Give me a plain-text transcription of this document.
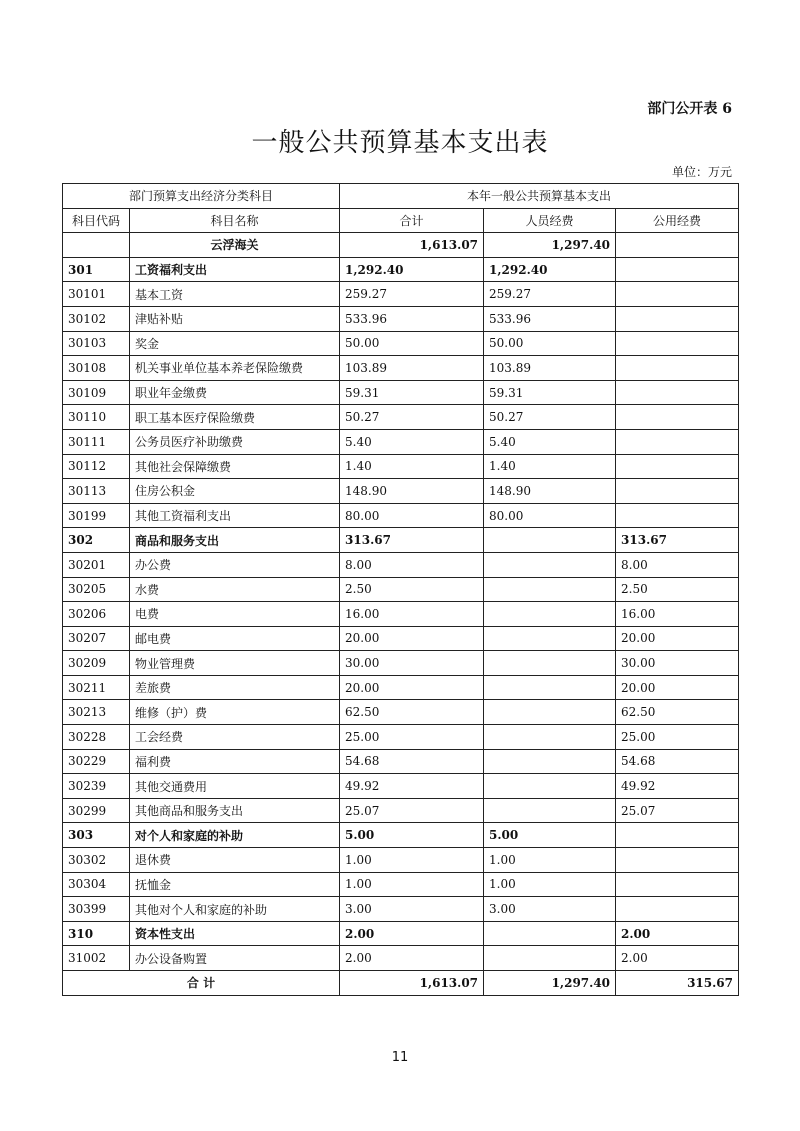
部门公开表 6
一般公共预算基本支出表
单位：万元
部门预算支出经济分类科目		本年一般公共预算基本支出		
科目代码	科目名称	合计	人员经费	公用经费
	云浮海关	1,613.07	1,297.40	
301	工资福利支出	1,292.40	1,292.40	
30101	基本工资	259.27	259.27	
30102	津贴补贴	533.96	533.96	
30103	奖金	50.00	50.00	
30108	机关事业单位基本养老保险缴费	103.89	103.89	
30109	职业年金缴费	59.31	59.31	
30110	职工基本医疗保险缴费	50.27	50.27	
30111	公务员医疗补助缴费	5.40	5.40	
30112	其他社会保障缴费	1.40	1.40	
30113	住房公积金	148.90	148.90	
30199	其他工资福利支出	80.00	80.00	
302	商品和服务支出	313.67		313.67
30201	办公费	8.00		8.00
30205	水费	2.50		2.50
30206	电费	16.00		16.00
30207	邮电费	20.00		20.00
30209	物业管理费	30.00		30.00
30211	差旅费	20.00		20.00
30213	维修（护）费	62.50		62.50
30228	工会经费	25.00		25.00
30229	福利费	54.68		54.68
30239	其他交通费用	49.92		49.92
30299	其他商品和服务支出	25.07		25.07
303	对个人和家庭的补助	5.00	5.00	
30302	退休费	1.00	1.00	
30304	抚恤金	1.00	1.00	
30399	其他对个人和家庭的补助	3.00	3.00	
310	资本性支出	2.00		2.00
31002	办公设备购置	2.00		2.00
合 计		1,613.07	1,297.40	315.67
11
